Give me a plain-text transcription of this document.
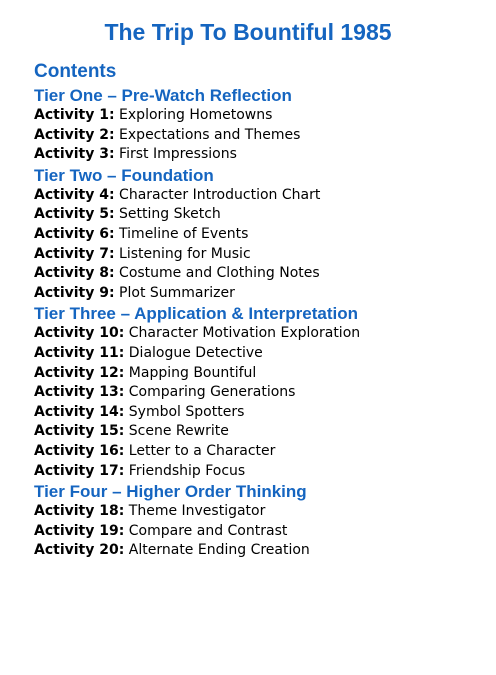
The Trip To Bountiful 1985
Contents
Tier One – Pre-Watch Reflection
Activity 1: Exploring Hometowns
Activity 2: Expectations and Themes
Activity 3: First Impressions
Tier Two – Foundation
Activity 4: Character Introduction Chart
Activity 5: Setting Sketch
Activity 6: Timeline of Events
Activity 7: Listening for Music
Activity 8: Costume and Clothing Notes
Activity 9: Plot Summarizer
Tier Three – Application & Interpretation
Activity 10: Character Motivation Exploration
Activity 11: Dialogue Detective
Activity 12: Mapping Bountiful
Activity 13: Comparing Generations
Activity 14: Symbol Spotters
Activity 15: Scene Rewrite
Activity 16: Letter to a Character
Activity 17: Friendship Focus
Tier Four – Higher Order Thinking
Activity 18: Theme Investigator
Activity 19: Compare and Contrast
Activity 20: Alternate Ending Creation
